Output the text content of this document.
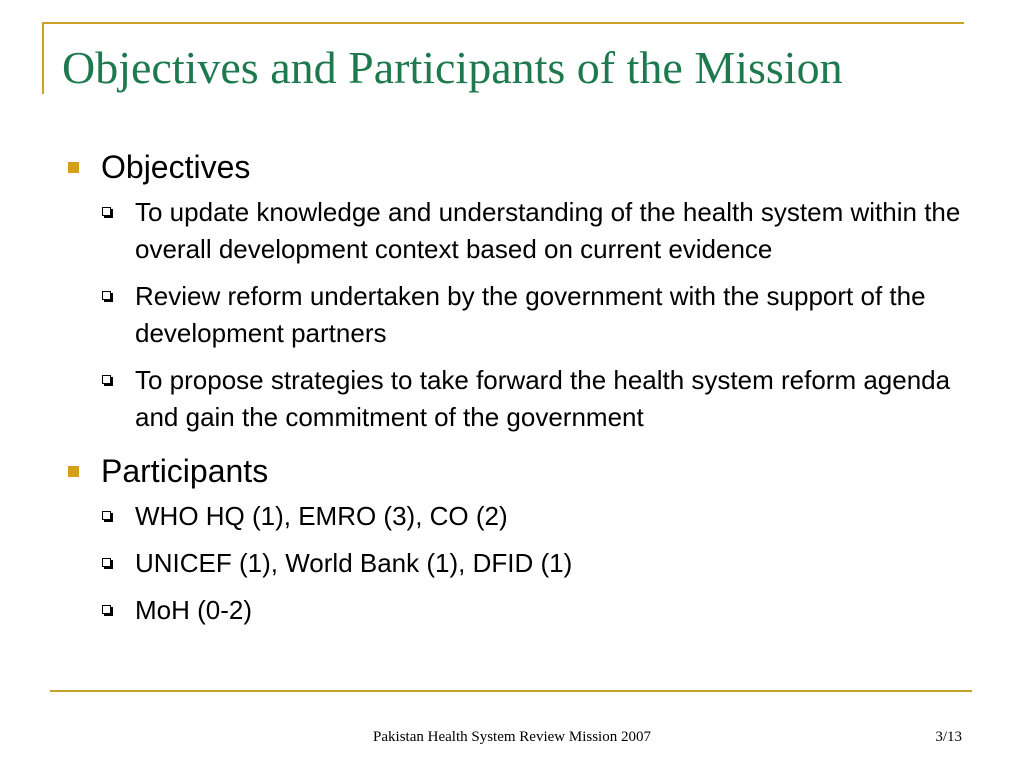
Objectives and Participants of the Mission
Objectives
To update knowledge and understanding of the health system within the overall development context based on current evidence
Review reform undertaken by the government with the support of the development partners
To propose strategies to take forward the health system reform agenda and gain the commitment of the government
Participants
WHO HQ (1), EMRO (3), CO (2)
UNICEF (1), World Bank (1), DFID (1)
MoH (0-2)
Pakistan Health System Review Mission 2007	3/13
